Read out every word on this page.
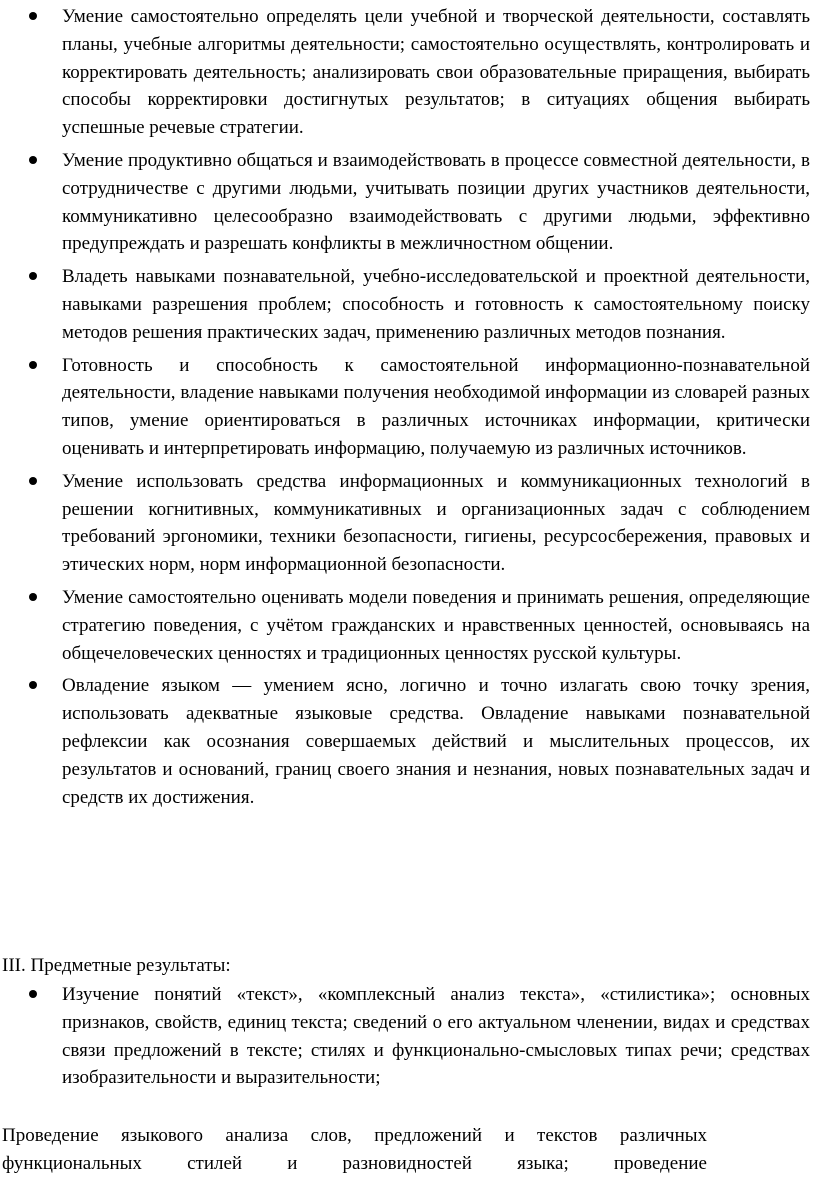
Умение самостоятельно определять цели учебной и творческой деятельности, составлять планы, учебные алгоритмы деятельности; самостоятельно осуществлять, контролировать и корректировать деятельность; анализировать свои образовательные приращения, выбирать способы корректировки достигнутых результатов; в ситуациях общения выбирать успешные речевые стратегии.
Умение продуктивно общаться и взаимодействовать в процессе совместной деятельности, в сотрудничестве с другими людьми, учитывать позиции других участников деятельности, коммуникативно целесообразно взаимодействовать с другими людьми, эффективно предупреждать и разрешать конфликты в межличностном общении.
Владеть навыками познавательной, учебно-исследовательской и проектной деятельности, навыками разрешения проблем; способность и готовность к самостоятельному поиску методов решения практических задач, применению различных методов познания.
Готовность и способность к самостоятельной информационно-познавательной деятельности, владение навыками получения необходимой информации из словарей разных типов, умение ориентироваться в различных источниках информации, критически оценивать и интерпретировать информацию, получаемую из различных источников.
Умение использовать средства информационных и коммуникационных технологий в решении когнитивных, коммуникативных и организационных задач с соблюдением требований эргономики, техники безопасности, гигиены, ресурсосбережения, правовых и этических норм, норм информационной безопасности.
Умение самостоятельно оценивать модели поведения и принимать решения, определяющие стратегию поведения, с учётом гражданских и нравственных ценностей, основываясь на общечеловеческих ценностях и традиционных ценностях русской культуры.
Овладение языком — умением ясно, логично и точно излагать свою точку зрения, использовать адекватные языковые средства. Овладение навыками познавательной рефлексии как осознания совершаемых действий и мыслительных процессов, их результатов и оснований, границ своего знания и незнания, новых познавательных задач и средств их достижения.
III. Предметные результаты:
Изучение понятий «текст», «комплексный анализ текста», «стилистика»; основных признаков, свойств, единиц текста; сведений о его актуальном членении, видах и средствах связи предложений в тексте; стилях и функционально-смысловых типах речи; средствах изобразительности и выразительности;

Проведение языкового анализа слов, предложений и текстов различных функциональных стилей и разновидностей языка; проведение
